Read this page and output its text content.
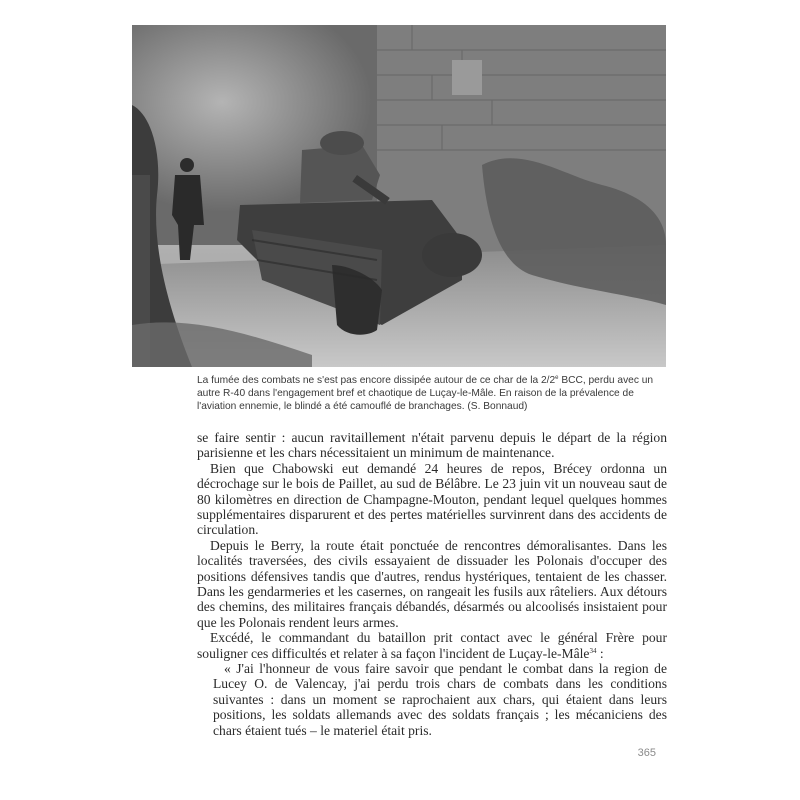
La fumée des combats ne s'est pas encore dissipée autour de ce char de la 2/2e BCC, perdu avec un autre R-40 dans l'engagement bref et chaotique de Luçay-le-Mâle. En raison de la prévalence de l'aviation ennemie, le blindé a été camouflé de branchages. (S. Bonnaud)

se faire sentir : aucun ravitaillement n'était parvenu depuis le départ de la région parisienne et les chars nécessitaient un minimum de maintenance.

Bien que Chabowski eut demandé 24 heures de repos, Brécey ordonna un décrochage sur le bois de Paillet, au sud de Bélâbre. Le 23 juin vit un nouveau saut de 80 kilomètres en direction de Champagne-Mouton, pendant lequel quelques hommes supplémentaires disparurent et des pertes matérielles survinrent dans des accidents de circulation.

Depuis le Berry, la route était ponctuée de rencontres démoralisantes. Dans les localités traversées, des civils essayaient de dissuader les Polonais d'occuper des positions défensives tandis que d'autres, rendus hystériques, tentaient de les chasser. Dans les gendarmeries et les casernes, on rangeait les fusils aux râteliers. Aux détours des chemins, des militaires français débandés, désarmés ou alcoolisés insistaient pour que les Polonais rendent leurs armes.

Excédé, le commandant du bataillon prit contact avec le général Frère pour souligner ces difficultés et relater à sa façon l'incident de Luçay-le-Mâle$^{34}$ :

« J'ai l'honneur de vous faire savoir que pendant le combat dans la region de Lucey O. de Valencay, j'ai perdu trois chars de combats dans les conditions suivantes : dans un moment se raprochaient aux chars, qui étaient dans leurs positions, les soldats allemands avec des soldats français ; les mécaniciens des chars étaient tués – le materiel était pris.

365
